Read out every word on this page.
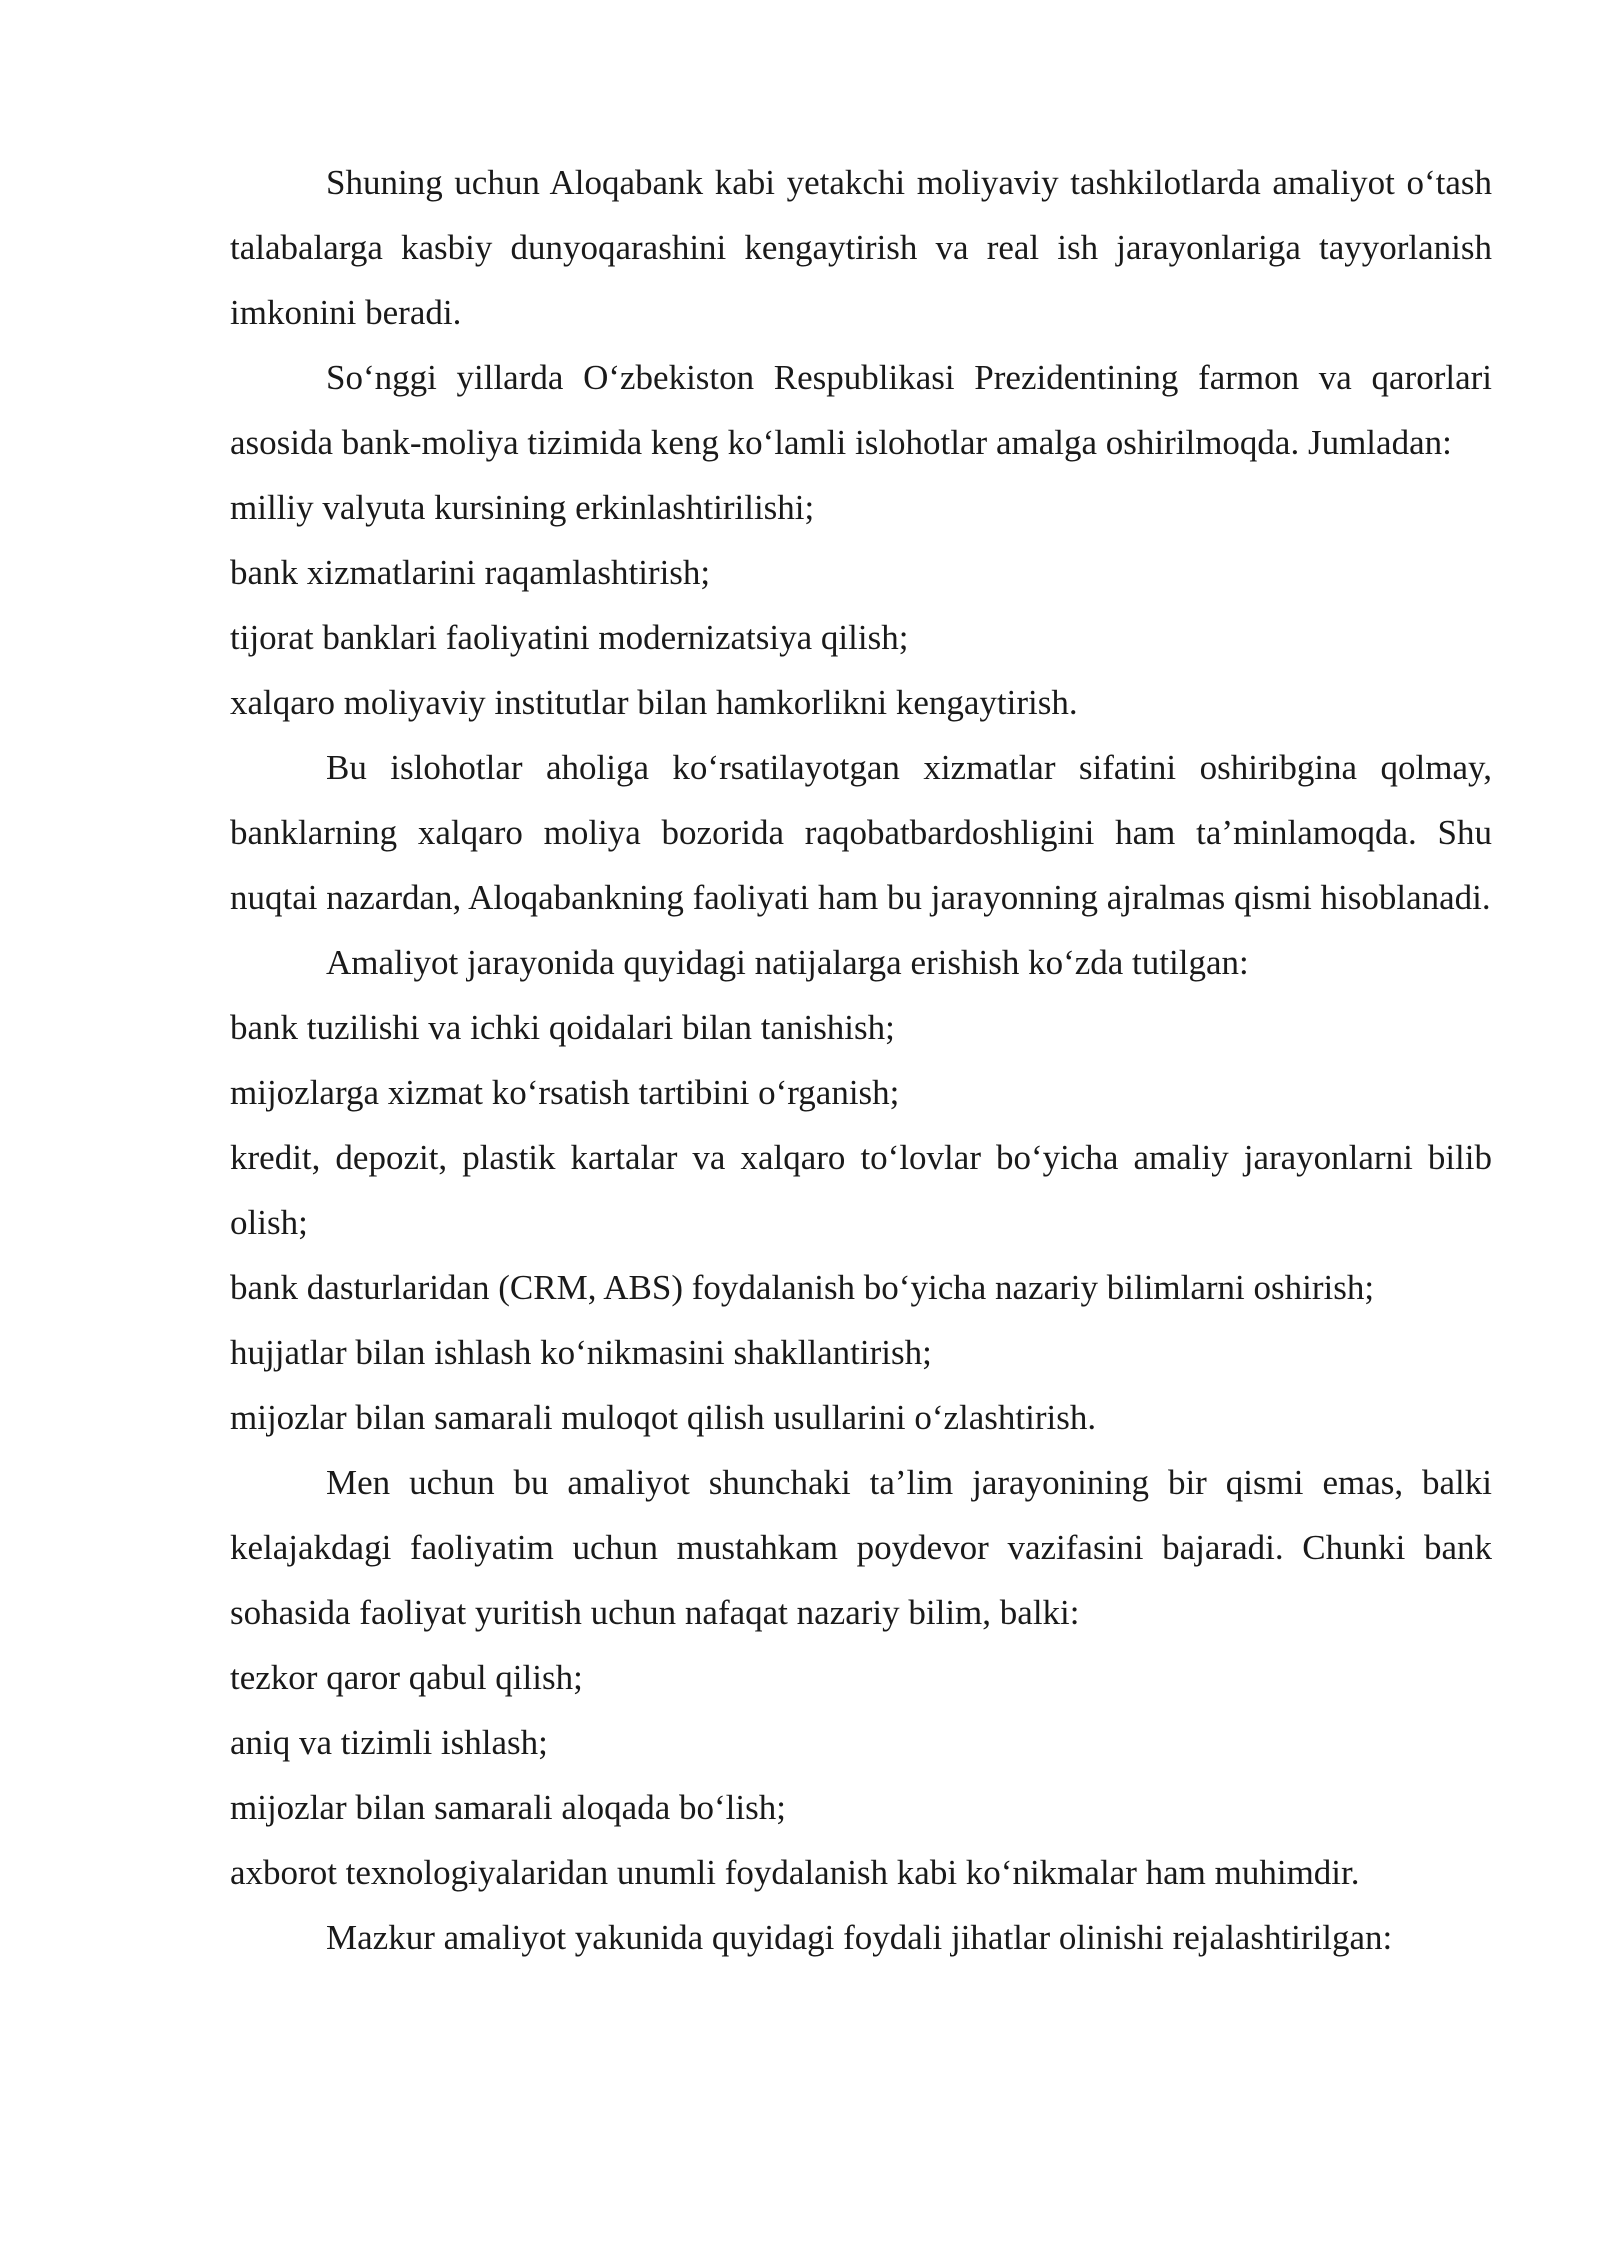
Shuning uchun Aloqabank kabi yetakchi moliyaviy tashkilotlarda amaliyot o‘tash talabalarga kasbiy dunyoqarashini kengaytirish va real ish jarayonlariga tayyorlanish imkonini beradi.

So‘nggi yillarda O‘zbekiston Respublikasi Prezidentining farmon va qarorlari asosida bank-moliya tizimida keng ko‘lamli islohotlar amalga oshirilmoqda. Jumladan:

milliy valyuta kursining erkinlashtirilishi;

bank xizmatlarini raqamlashtirish;

tijorat banklari faoliyatini modernizatsiya qilish;

xalqaro moliyaviy institutlar bilan hamkorlikni kengaytirish.

Bu islohotlar aholiga ko‘rsatilayotgan xizmatlar sifatini oshiribgina qolmay, banklarning xalqaro moliya bozorida raqobatbardoshligini ham ta’minlamoqda. Shu nuqtai nazardan, Aloqabankning faoliyati ham bu jarayonning ajralmas qismi hisoblanadi.

Amaliyot jarayonida quyidagi natijalarga erishish ko‘zda tutilgan:

bank tuzilishi va ichki qoidalari bilan tanishish;

mijozlarga xizmat ko‘rsatish tartibini o‘rganish;

kredit, depozit, plastik kartalar va xalqaro to‘lovlar bo‘yicha amaliy jarayonlarni bilib olish;

bank dasturlaridan (CRM, ABS) foydalanish bo‘yicha nazariy bilimlarni oshirish;

hujjatlar bilan ishlash ko‘nikmasini shakllantirish;

mijozlar bilan samarali muloqot qilish usullarini o‘zlashtirish.

Men uchun bu amaliyot shunchaki ta’lim jarayonining bir qismi emas, balki kelajakdagi faoliyatim uchun mustahkam poydevor vazifasini bajaradi. Chunki bank sohasida faoliyat yuritish uchun nafaqat nazariy bilim, balki:

tezkor qaror qabul qilish;

aniq va tizimli ishlash;

mijozlar bilan samarali aloqada bo‘lish;

axborot texnologiyalaridan unumli foydalanish kabi ko‘nikmalar ham muhimdir.

Mazkur amaliyot yakunida quyidagi foydali jihatlar olinishi rejalashtirilgan:
